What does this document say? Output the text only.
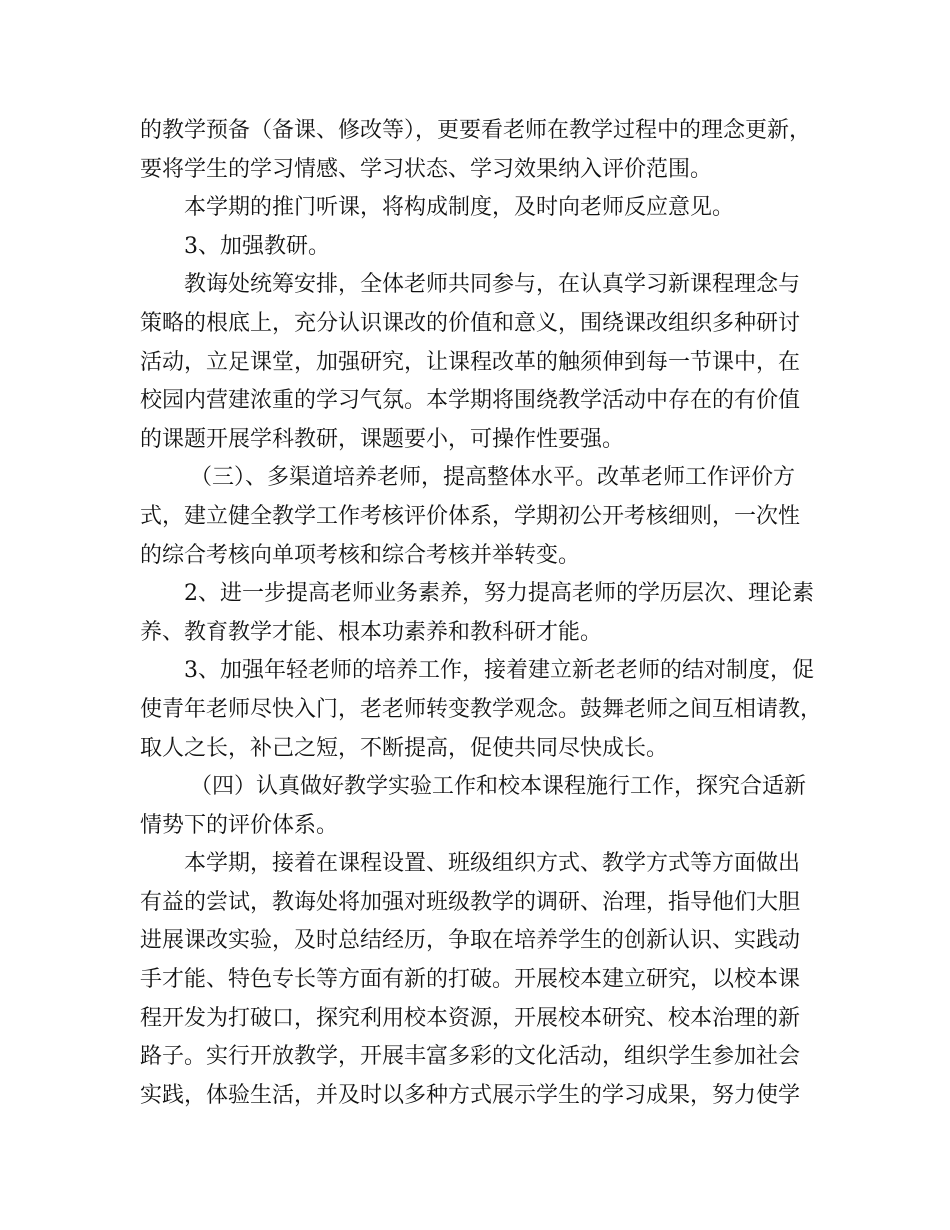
的教学预备（备课、修改等），更要看老师在教学过程中的理念更新，
要将学生的学习情感、学习状态、学习效果纳入评价范围。
本学期的推门听课，将构成制度，及时向老师反应意见。
3、加强教研。
教诲处统筹安排，全体老师共同参与，在认真学习新课程理念与
策略的根底上，充分认识课改的价值和意义，围绕课改组织多种研讨
活动，立足课堂，加强研究，让课程改革的触须伸到每一节课中，在
校园内营建浓重的学习气氛。本学期将围绕教学活动中存在的有价值
的课题开展学科教研，课题要小，可操作性要强。
（三）、多渠道培养老师，提高整体水平。改革老师工作评价方
式，建立健全教学工作考核评价体系，学期初公开考核细则，一次性
的综合考核向单项考核和综合考核并举转变。
2、进一步提高老师业务素养，努力提高老师的学历层次、理论素
养、教育教学才能、根本功素养和教科研才能。
3、加强年轻老师的培养工作，接着建立新老老师的结对制度，促
使青年老师尽快入门，老老师转变教学观念。鼓舞老师之间互相请教，
取人之长，补己之短，不断提高，促使共同尽快成长。
（四）认真做好教学实验工作和校本课程施行工作，探究合适新
情势下的评价体系。
本学期，接着在课程设置、班级组织方式、教学方式等方面做出
有益的尝试，教诲处将加强对班级教学的调研、治理，指导他们大胆
进展课改实验，及时总结经历，争取在培养学生的创新认识、实践动
手才能、特色专长等方面有新的打破。开展校本建立研究，以校本课
程开发为打破口，探究利用校本资源，开展校本研究、校本治理的新
路子。实行开放教学，开展丰富多彩的文化活动，组织学生参加社会
实践，体验生活，并及时以多种方式展示学生的学习成果，努力使学
